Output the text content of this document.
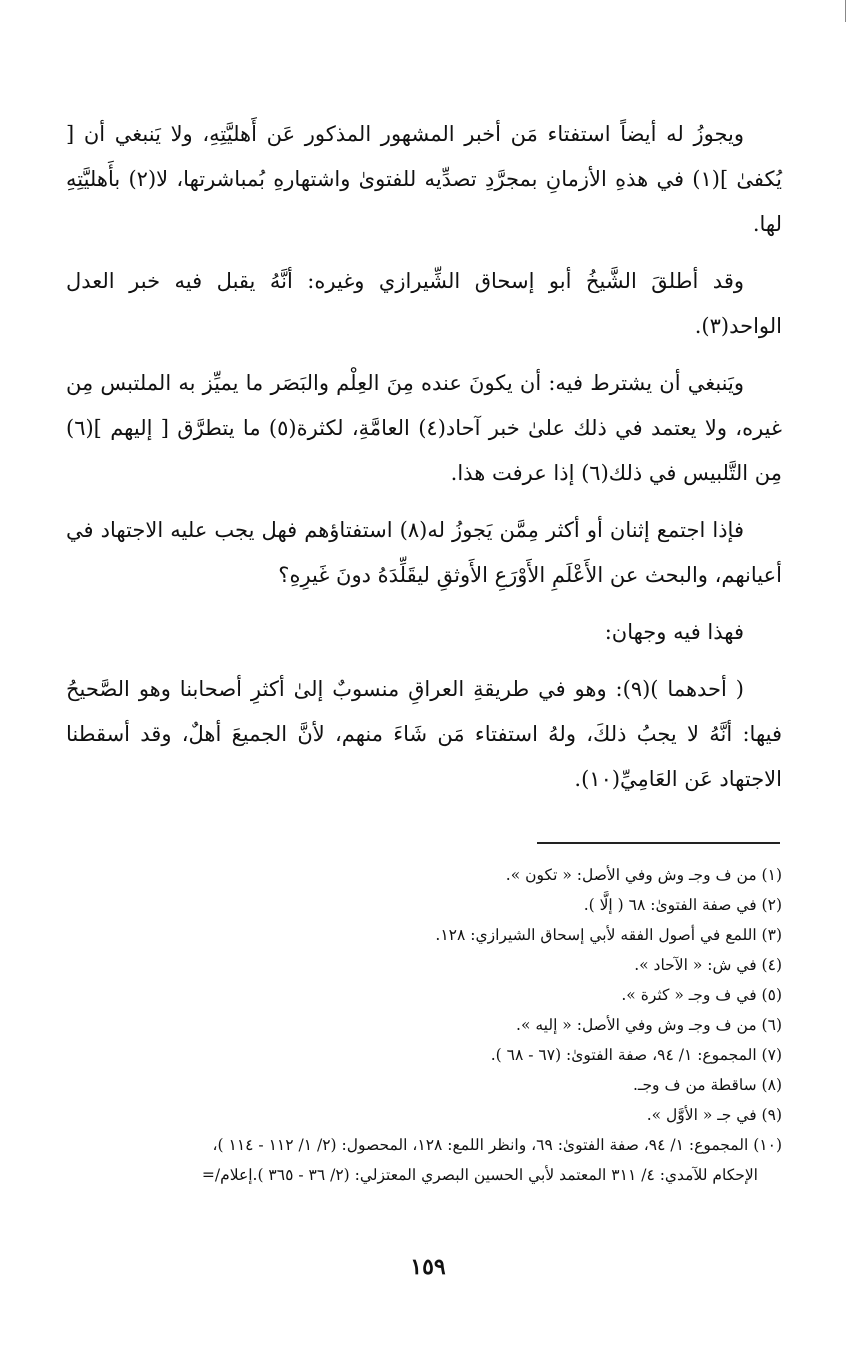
ويجوزُ له أيضاً استفتاء مَن أخبر المشهور المذكور عَن أَهليَّتِهِ، ولا يَنبغي أن [ يُكفىٰ ](١) في هذهِ الأزمانِ بمجرَّدِ تصدِّيه للفتوىٰ واشتهارهِ بُمباشرتها، لا(٢) بأَهليَّتِهِ لها.

وقد أطلقَ الشَّيخُ أبو إسحاق الشِّيرازي وغيره: أنَّهُ يقبل فيه خبر العدل الواحد(٣).

ويَنبغي أن يشترط فيه: أن يكونَ عنده مِنَ العِلْم والبَصَر ما يميِّز به الملتبس مِن غيره، ولا يعتمد في ذلك علىٰ خبر آحاد(٤) العامَّةِ، لكثرة(٥) ما يتطرَّق [ إليهم ](٦) مِن التَّلبيس في ذلك(٦) إذا عرفت هذا.

فإذا اجتمع إثنان أو أكثر مِمَّن يَجوزُ له(٨) استفتاؤهم فهل يجب عليه الاجتهاد في أعيانهم، والبحث عن الأَعْلَمِ الأَوْرَعِ الأَوثقِ ليقَلِّدَهُ دونَ غَيرِهِ؟

فهذا فيه وجهان:

( أحدهما )(٩): وهو في طريقةِ العراقِ منسوبٌ إلىٰ أكثرِ أصحابنا وهو الصَّحيحُ فيها: أنَّهُ لا يجبُ ذلكَ، ولهُ استفتاء مَن شَاءَ منهم، لأنَّ الجميعَ أهلٌ، وقد أسقطنا الاجتهاد عَن العَامِيِّ(١٠).

(١) من ف وجـ وش وفي الأصل: « تكون ».

(٢) في صفة الفتوىٰ: ٦٨ ( إلَّا ).

(٣) اللمع في أصول الفقه لأبي إسحاق الشيرازي: ١٢٨.

(٤) في ش: « الآحاد ».

(٥) في ف وجـ « كثرة ».

(٦) من ف وجـ وش وفي الأصل: « إليه ».

(٧) المجموع: ١/ ٩٤، صفة الفتوىٰ: (٦٧ - ٦٨ ).

(٨) ساقطة من ف وجـ.

(٩) في جـ « الأوَّل ».

(١٠) المجموع: ١/ ٩٤، صفة الفتوىٰ: ٦٩، وانظر اللمع: ١٢٨، المحصول: (٢/ ١/ ١١٢ - ١١٤ )،

الإحكام للآمدي: ٤/ ٣١١ المعتمد لأبي الحسين البصري المعتزلي: (٢/ ٣٦ - ٣٦٥ ).إعلام/=

١٥٩
